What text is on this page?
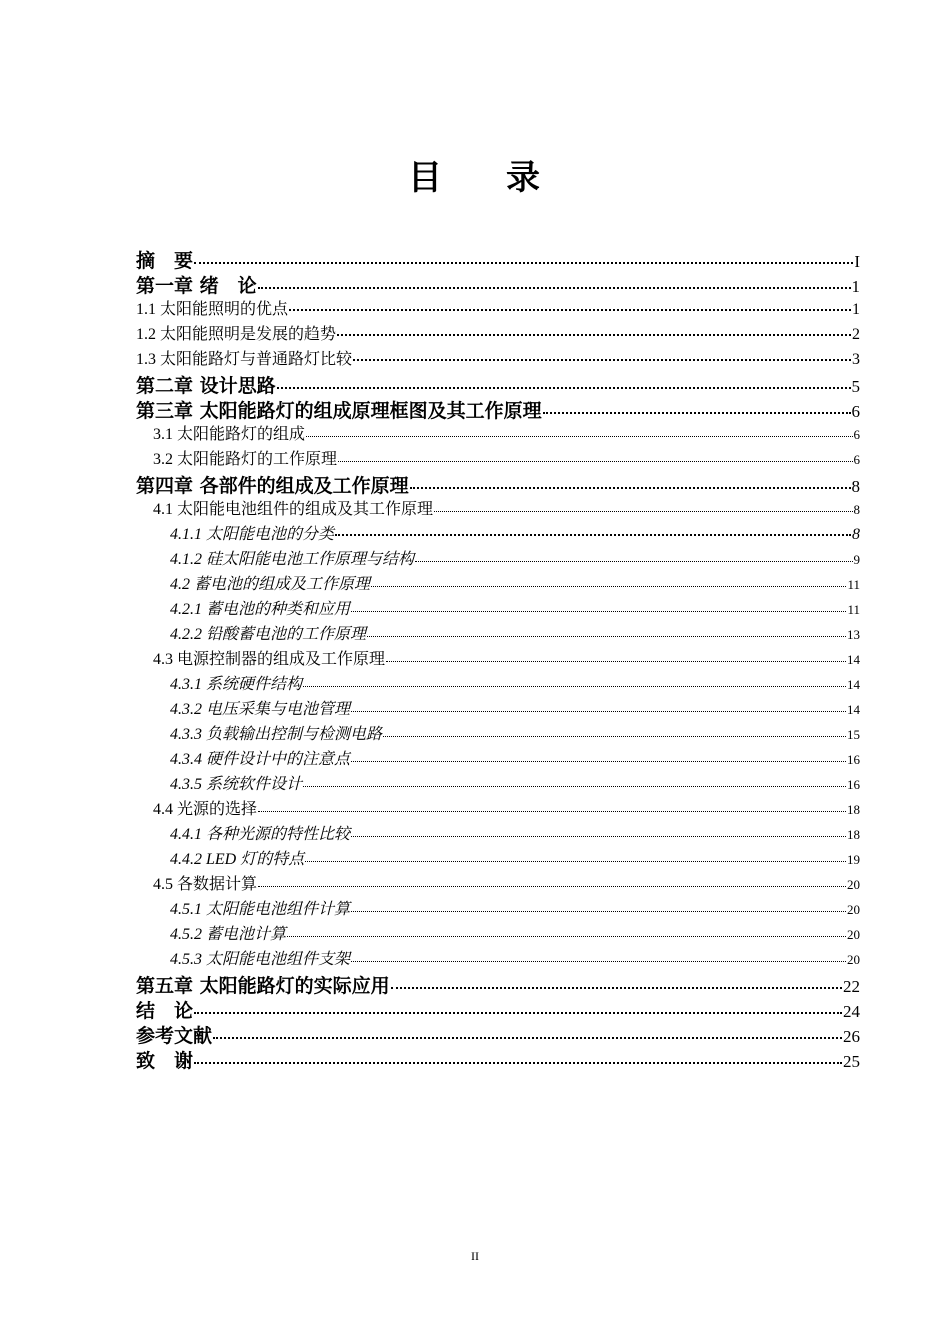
目 录
摘　要	I
第一章 绪　论	1
1.1 太阳能照明的优点	1
1.2 太阳能照明是发展的趋势	2
1.3 太阳能路灯与普通路灯比较	3
第二章 设计思路	5
第三章 太阳能路灯的组成原理框图及其工作原理	6
3.1 太阳能路灯的组成	6
3.2 太阳能路灯的工作原理	6
第四章 各部件的组成及工作原理	8
4.1 太阳能电池组件的组成及其工作原理	8
4.1.1 太阳能电池的分类	8
4.1.2 硅太阳能电池工作原理与结构	9
4.2 蓄电池的组成及工作原理	11
4.2.1 蓄电池的种类和应用	11
4.2.2 铅酸蓄电池的工作原理	13
4.3 电源控制器的组成及工作原理	14
4.3.1 系统硬件结构	14
4.3.2 电压采集与电池管理	14
4.3.3 负载输出控制与检测电路	15
4.3.4 硬件设计中的注意点	16
4.3.5 系统软件设计	16
4.4 光源的选择	18
4.4.1 各种光源的特性比较	18
4.4.2 LED 灯的特点	19
4.5 各数据计算	20
4.5.1 太阳能电池组件计算	20
4.5.2 蓄电池计算	20
4.5.3 太阳能电池组件支架	20
第五章 太阳能路灯的实际应用	22
结　论	24
参考文献	26
致　谢	25
II
